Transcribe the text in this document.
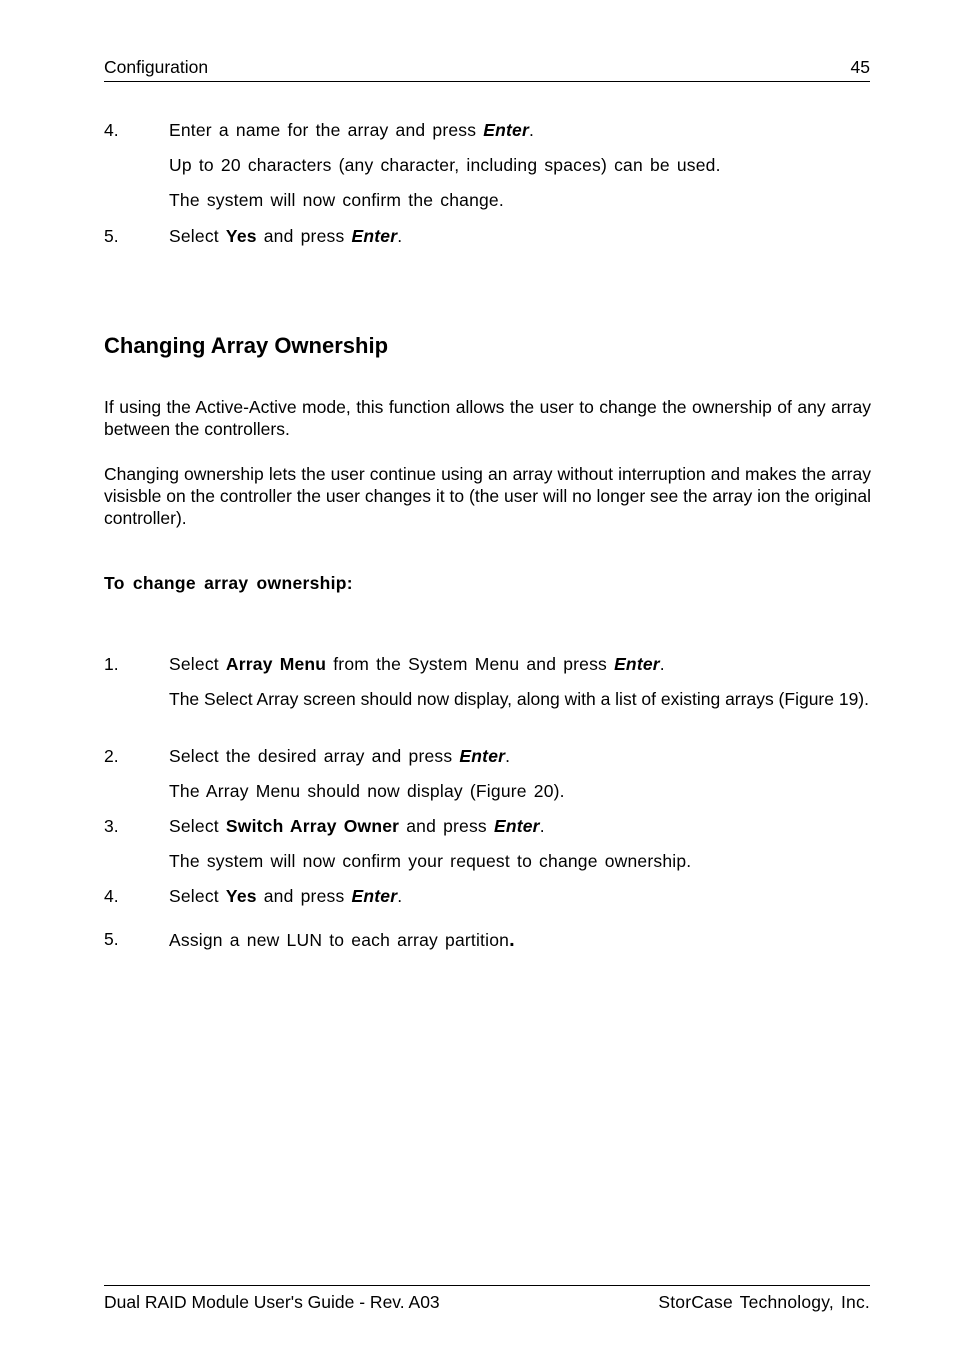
Configuration	45
4.	Enter a name for the array and press Enter.
Up to 20 characters (any character, including spaces) can be used.
The system will now confirm the change.
5.	Select Yes and press Enter.
Changing Array Ownership
If using the Active-Active mode, this function allows the user to change the ownership of any array between the controllers.
Changing ownership lets the user continue using an array without interruption and makes the array visisble on the controller the user changes it to (the user will no longer see the array ion the original controller).
To change array ownership:
1.	Select Array Menu from the System Menu and press Enter.
The Select Array screen should now display, along with a list of existing arrays (Figure 19).
2.	Select the desired array and press Enter.
The Array Menu should now display (Figure 20).
3.	Select Switch Array Owner and press Enter.
The system will now confirm your request to change ownership.
4.	Select Yes and press Enter.
5.	Assign a new LUN to each array partition.
Dual RAID Module User's Guide - Rev. A03	StorCase Technology, Inc.
